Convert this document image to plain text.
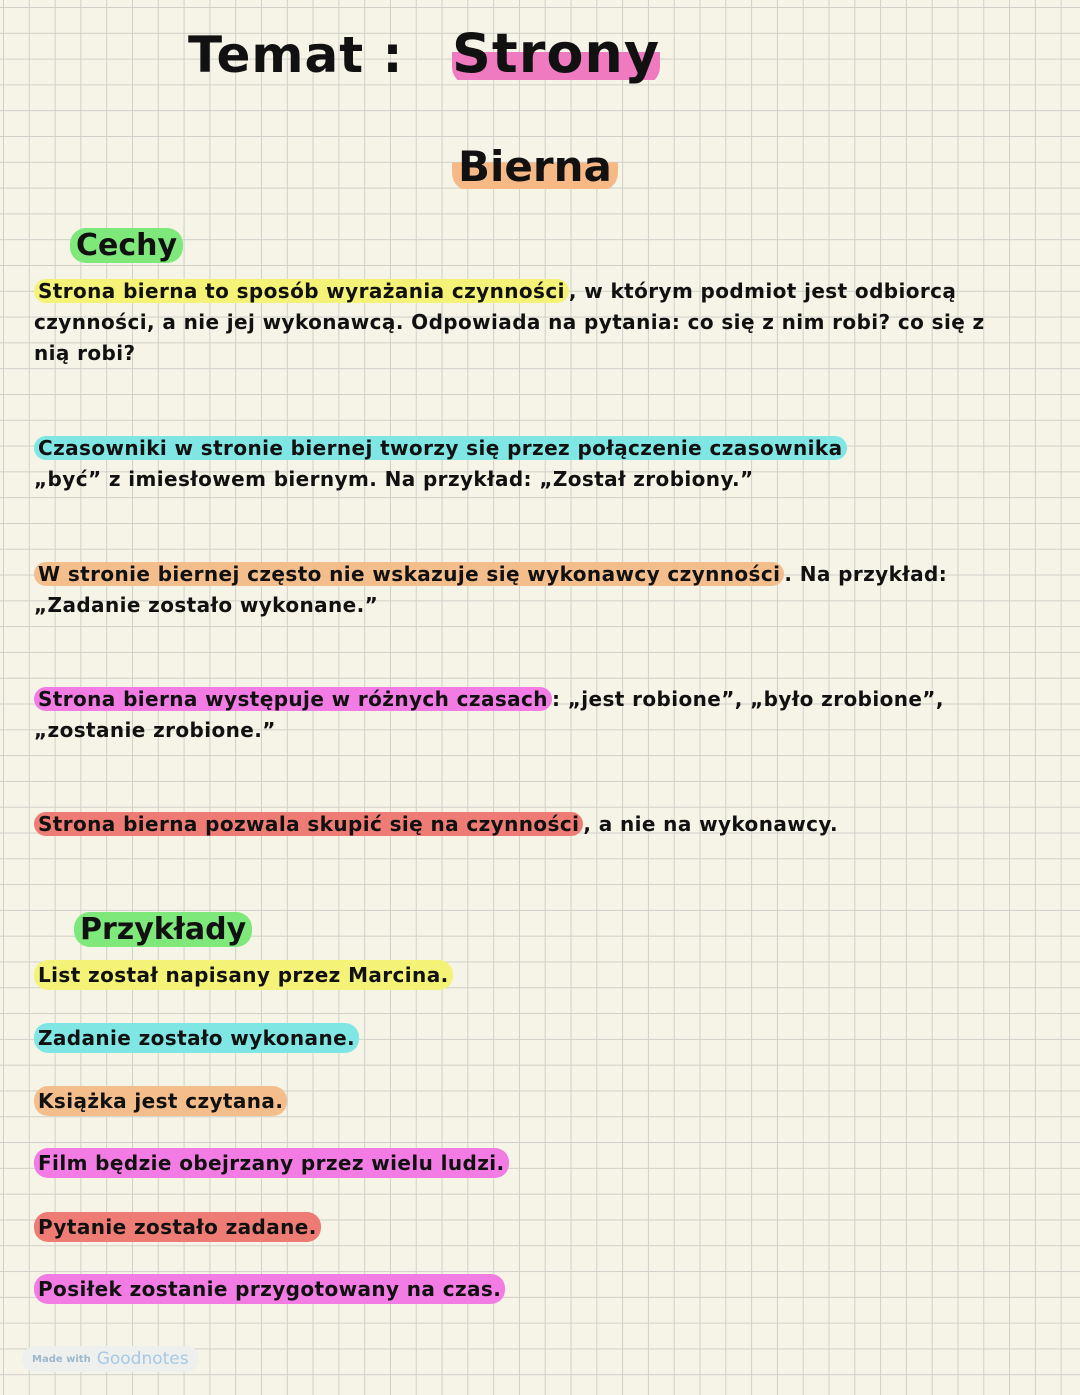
Temat : Strony
Bierna
Cechy
Strona bierna to sposób wyrażania czynności , w którym podmiot jest odbiorcą czynności, a nie jej wykonawcą. Odpowiada na pytania: co się z nim robi? co się z nią robi?
Czasowniki w stronie biernej tworzy się przez połączenie czasownika „być” z imiesłowem biernym. Na przykład: „Został zrobiony.”
W stronie biernej często nie wskazuje się wykonawcy czynności . Na przykład: „Zadanie zostało wykonane.”
Strona bierna występuje w różnych czasach : „jest robione”, „było zrobione”, „zostanie zrobione.”
Strona bierna pozwala skupić się na czynności , a nie na wykonawcy.
Przykłady
List został napisany przez Marcina.
Zadanie zostało wykonane.
Książka jest czytana.
Film będzie obejrzany przez wielu ludzi.
Pytanie zostało zadane.
Posiłek zostanie przygotowany na czas.
Made with Goodnotes
